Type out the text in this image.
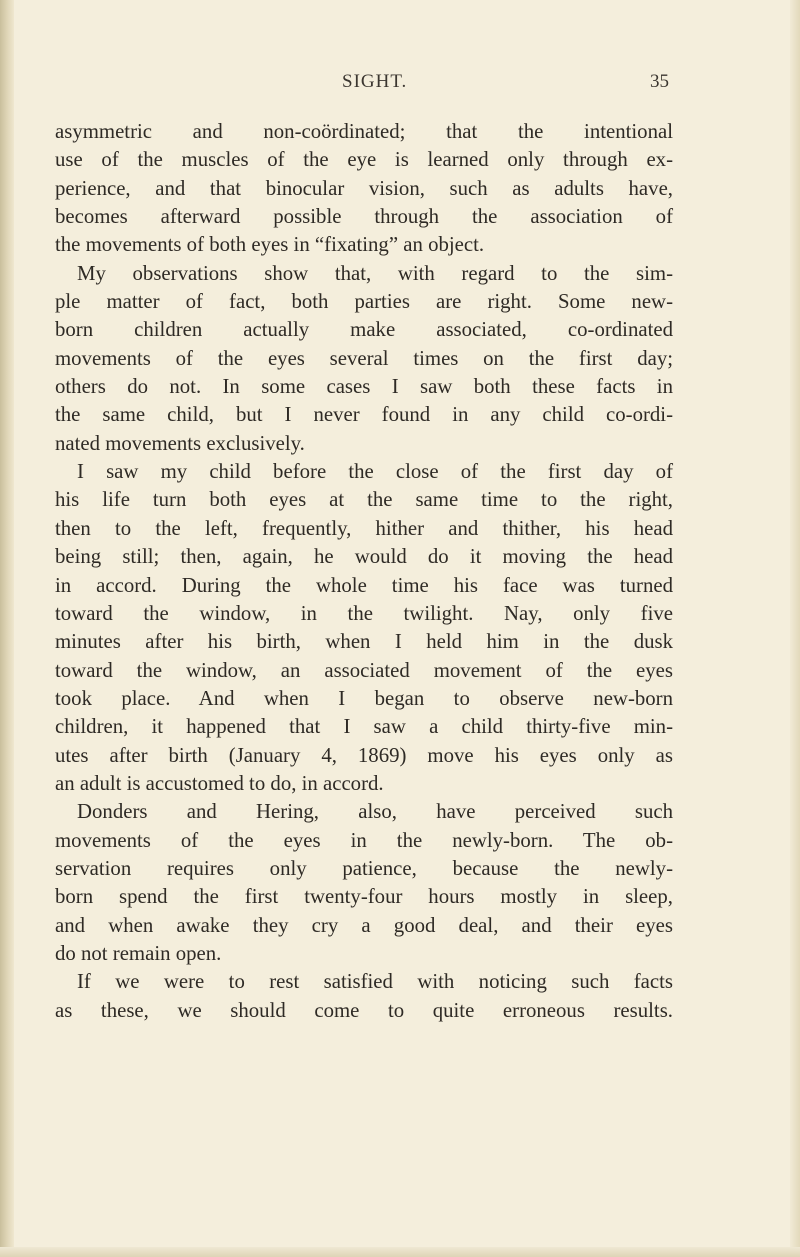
SIGHT.	35
asymmetric and non-coördinated; that the intentional
use of the muscles of the eye is learned only through ex-
perience, and that binocular vision, such as adults have,
becomes afterward possible through the association of
the movements of both eyes in “fixating” an object.
My observations show that, with regard to the sim-
ple matter of fact, both parties are right. Some new-
born children actually make associated, co-ordinated
movements of the eyes several times on the first day;
others do not. In some cases I saw both these facts in
the same child, but I never found in any child co-ordi-
nated movements exclusively.
I saw my child before the close of the first day of
his life turn both eyes at the same time to the right,
then to the left, frequently, hither and thither, his head
being still; then, again, he would do it moving the head
in accord. During the whole time his face was turned
toward the window, in the twilight. Nay, only five
minutes after his birth, when I held him in the dusk
toward the window, an associated movement of the eyes
took place. And when I began to observe new-born
children, it happened that I saw a child thirty-five min-
utes after birth (January 4, 1869) move his eyes only as
an adult is accustomed to do, in accord.
Donders and Hering, also, have perceived such
movements of the eyes in the newly-born. The ob-
servation requires only patience, because the newly-
born spend the first twenty-four hours mostly in sleep,
and when awake they cry a good deal, and their eyes
do not remain open.
If we were to rest satisfied with noticing such facts
as these, we should come to quite erroneous results.
